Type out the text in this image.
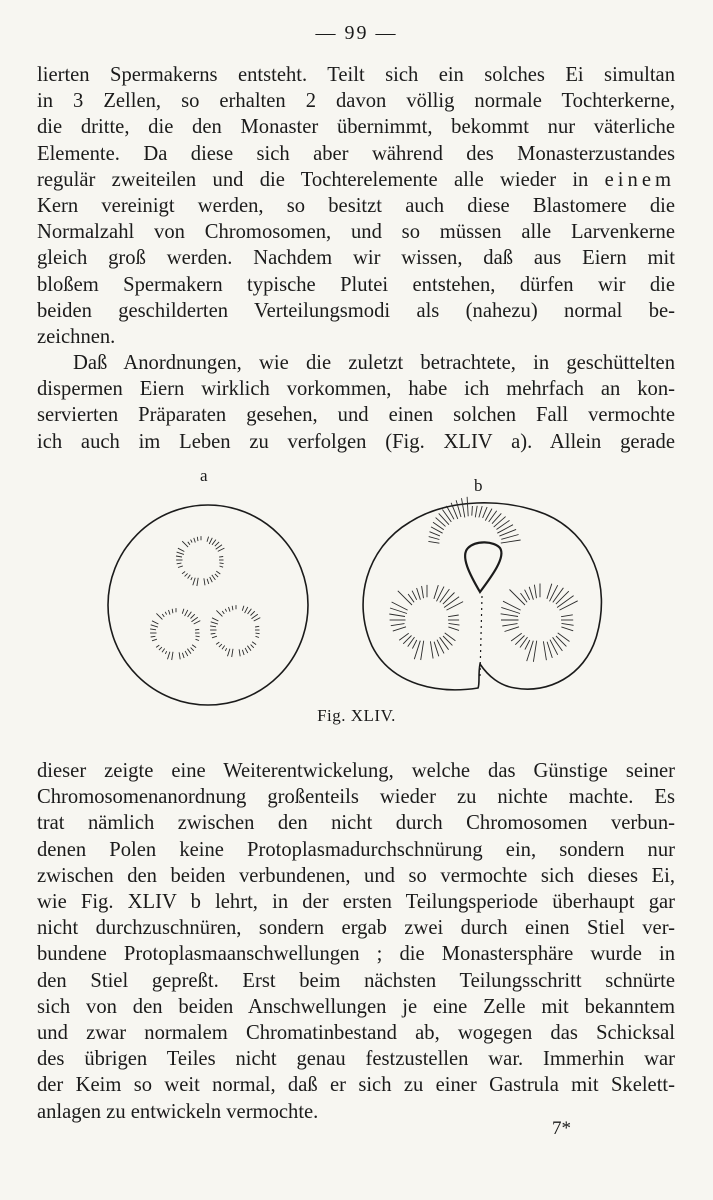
— 99 —

lierten Spermakerns entsteht. Teilt sich ein solches Ei simultan
in 3 Zellen, so erhalten 2 davon völlig normale Tochterkerne,
die dritte, die den Monaster übernimmt, bekommt nur väterliche
Elemente. Da diese sich aber während des Monasterzustandes
regulär zweiteilen und die Tochterelemente alle wieder in einem
Kern vereinigt werden, so besitzt auch diese Blastomere die
Normalzahl von Chromosomen, und so müssen alle Larvenkerne
gleich groß werden. Nachdem wir wissen, daß aus Eiern mit
bloßem Spermakern typische Plutei entstehen, dürfen wir die
beiden geschilderten Verteilungsmodi als (nahezu) normal be-
zeichnen.

Daß Anordnungen, wie die zuletzt betrachtete, in geschüttelten
dispermen Eiern wirklich vorkommen, habe ich mehrfach an kon-
servierten Präparaten gesehen, und einen solchen Fall vermochte
ich auch im Leben zu verfolgen (Fig. XLIV a). Allein gerade

a
b
Fig. XLIV.

dieser zeigte eine Weiterentwickelung, welche das Günstige seiner
Chromosomenanordnung großenteils wieder zu nichte machte. Es
trat nämlich zwischen den nicht durch Chromosomen verbun-
denen Polen keine Protoplasmadurchschnürung ein, sondern nur
zwischen den beiden verbundenen, und so vermochte sich dieses Ei,
wie Fig. XLIV b lehrt, in der ersten Teilungsperiode überhaupt gar
nicht durchzuschnüren, sondern ergab zwei durch einen Stiel ver-
bundene Protoplasmaanschwellungen ; die Monastersphäre wurde in
den Stiel gepreßt. Erst beim nächsten Teilungsschritt schnürte
sich von den beiden Anschwellungen je eine Zelle mit bekanntem
und zwar normalem Chromatinbestand ab, wogegen das Schicksal
des übrigen Teiles nicht genau festzustellen war. Immerhin war
der Keim so weit normal, daß er sich zu einer Gastrula mit Skelett-
anlagen zu entwickeln vermochte.

7*
